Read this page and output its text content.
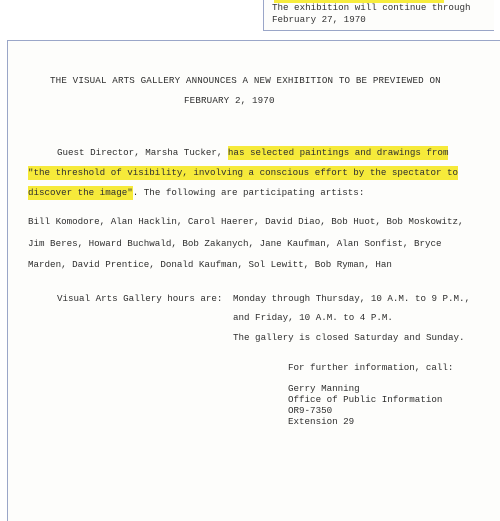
The exhibition will continue through
February 27, 1970
THE VISUAL ARTS GALLERY ANNOUNCES A NEW EXHIBITION TO BE PREVIEWED ON
FEBRUARY 2, 1970
Guest Director, Marsha Tucker, has selected paintings and drawings from
"the threshold of visibility, involving a conscious effort by the spectator to
discover the image". The following are participating artists:
Bill Komodore, Alan Hacklin, Carol Haerer, David Diao, Bob Huot, Bob Moskowitz,
Jim Beres, Howard Buchwald, Bob Zakanych, Jane Kaufman, Alan Sonfist, Bryce
Marden, David Prentice, Donald Kaufman, Sol Lewitt, Bob Ryman, Han
Visual Arts Gallery hours are: Monday through Thursday, 10 A.M. to 9 P.M.,
and Friday, 10 A.M. to 4 P.M.
The gallery is closed Saturday and Sunday.
For further information, call:
Gerry Manning
Office of Public Information
OR9-7350
Extension 29
